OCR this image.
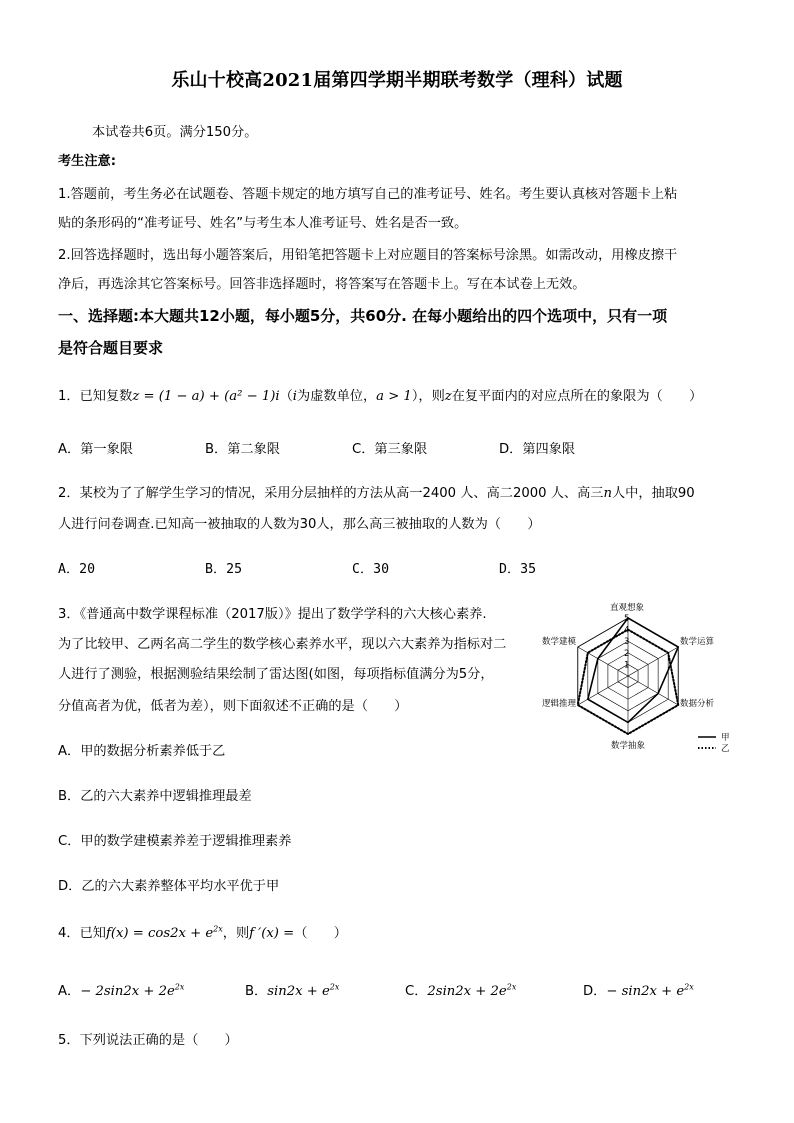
乐山十校高2021届第四学期半期联考数学（理科）试题
本试卷共6页。满分150分。
考生注意:
1.答题前，考生务必在试题卷、答题卡规定的地方填写自己的准考证号、姓名。考生要认真核对答题卡上粘
贴的条形码的“准考证号、姓名”与考生本人准考证号、姓名是否一致。
2.回答选择题时，选出每小题答案后，用铅笔把答题卡上对应题目的答案标号涂黑。如需改动，用橡皮擦干
净后，再选涂其它答案标号。回答非选择题时，将答案写在答题卡上。写在本试卷上无效。
一、选择题:本大题共12小题，每小题5分，共60分. 在每小题给出的四个选项中，只有一项
是符合题目要求
1．已知复数z = (1 − a) + (a² − 1)i（i为虚数单位，a > 1），则z在复平面内的对应点所在的象限为（　　）
A．第一象限	B．第二象限	C．第三象限	D．第四象限
2．某校为了了解学生学习的情况，采用分层抽样的方法从高一2400 人、高二2000 人、高三n人中，抽取90
人进行问卷调查.已知高一被抽取的人数为30人，那么高三被抽取的人数为（　　）
A．20	B．25	C．30	D．35
3．《普通高中数学课程标准（2017版）》提出了数学学科的六大核心素养.
为了比较甲、乙两名高二学生的数学核心素养水平，现以六大素养为指标对二
人进行了测验，根据测验结果绘制了雷达图(如图，每项指标值满分为5分，
分值高者为优，低者为差），则下面叙述不正确的是（　　）
1
2
3
4
5
直观想象
数学运算
数据分析
数学抽象
逻辑推理
数学建模
甲
乙
A．甲的数据分析素养低于乙
B．乙的六大素养中逻辑推理最差
C．甲的数学建模素养差于逻辑推理素养
D．乙的六大素养整体平均水平优于甲
4．已知$f(x) = \cos 2x + e^{2x}$，则f ′(x) =（　　）
A．− $2\sin 2x + 2e^{2x}$	B．$\sin 2x + e^{2x}$	C．$2\sin 2x + 2e^{2x}$	D．− $\sin 2x + e^{2x}$
5．下列说法正确的是（　　）
